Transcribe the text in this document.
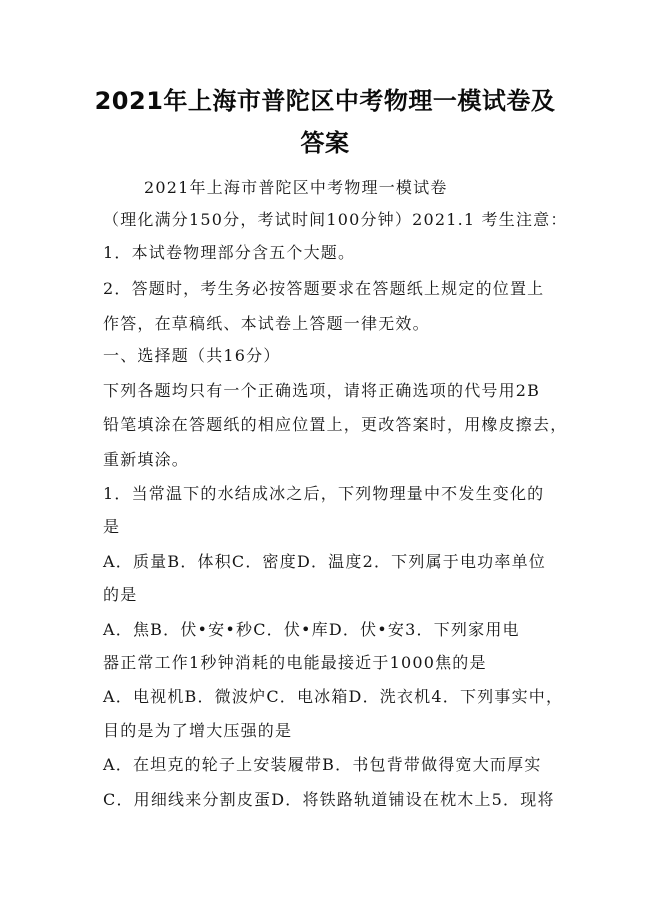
2021年上海市普陀区中考物理一模试卷及
答案
2021年上海市普陀区中考物理一模试卷
（理化满分150分，考试时间100分钟）2021.1 考生注意：
1．本试卷物理部分含五个大题。
2．答题时，考生务必按答题要求在答题纸上规定的位置上
作答，在草稿纸、本试卷上答题一律无效。
一、选择题（共16分）
下列各题均只有一个正确选项，请将正确选项的代号用2B
铅笔填涂在答题纸的相应位置上，更改答案时，用橡皮擦去，
重新填涂。
1．当常温下的水结成冰之后，下列物理量中不发生变化的
是
A．质量B．体积C．密度D．温度2．下列属于电功率单位
的是
A．焦B．伏•安•秒C．伏•库D．伏•安3．下列家用电
器正常工作1秒钟消耗的电能最接近于1000焦的是
A．电视机B．微波炉C．电冰箱D．洗衣机4．下列事实中，
目的是为了增大压强的是
A．在坦克的轮子上安装履带B．书包背带做得宽大而厚实
C．用细线来分割皮蛋D．将铁路轨道铺设在枕木上5．现将
